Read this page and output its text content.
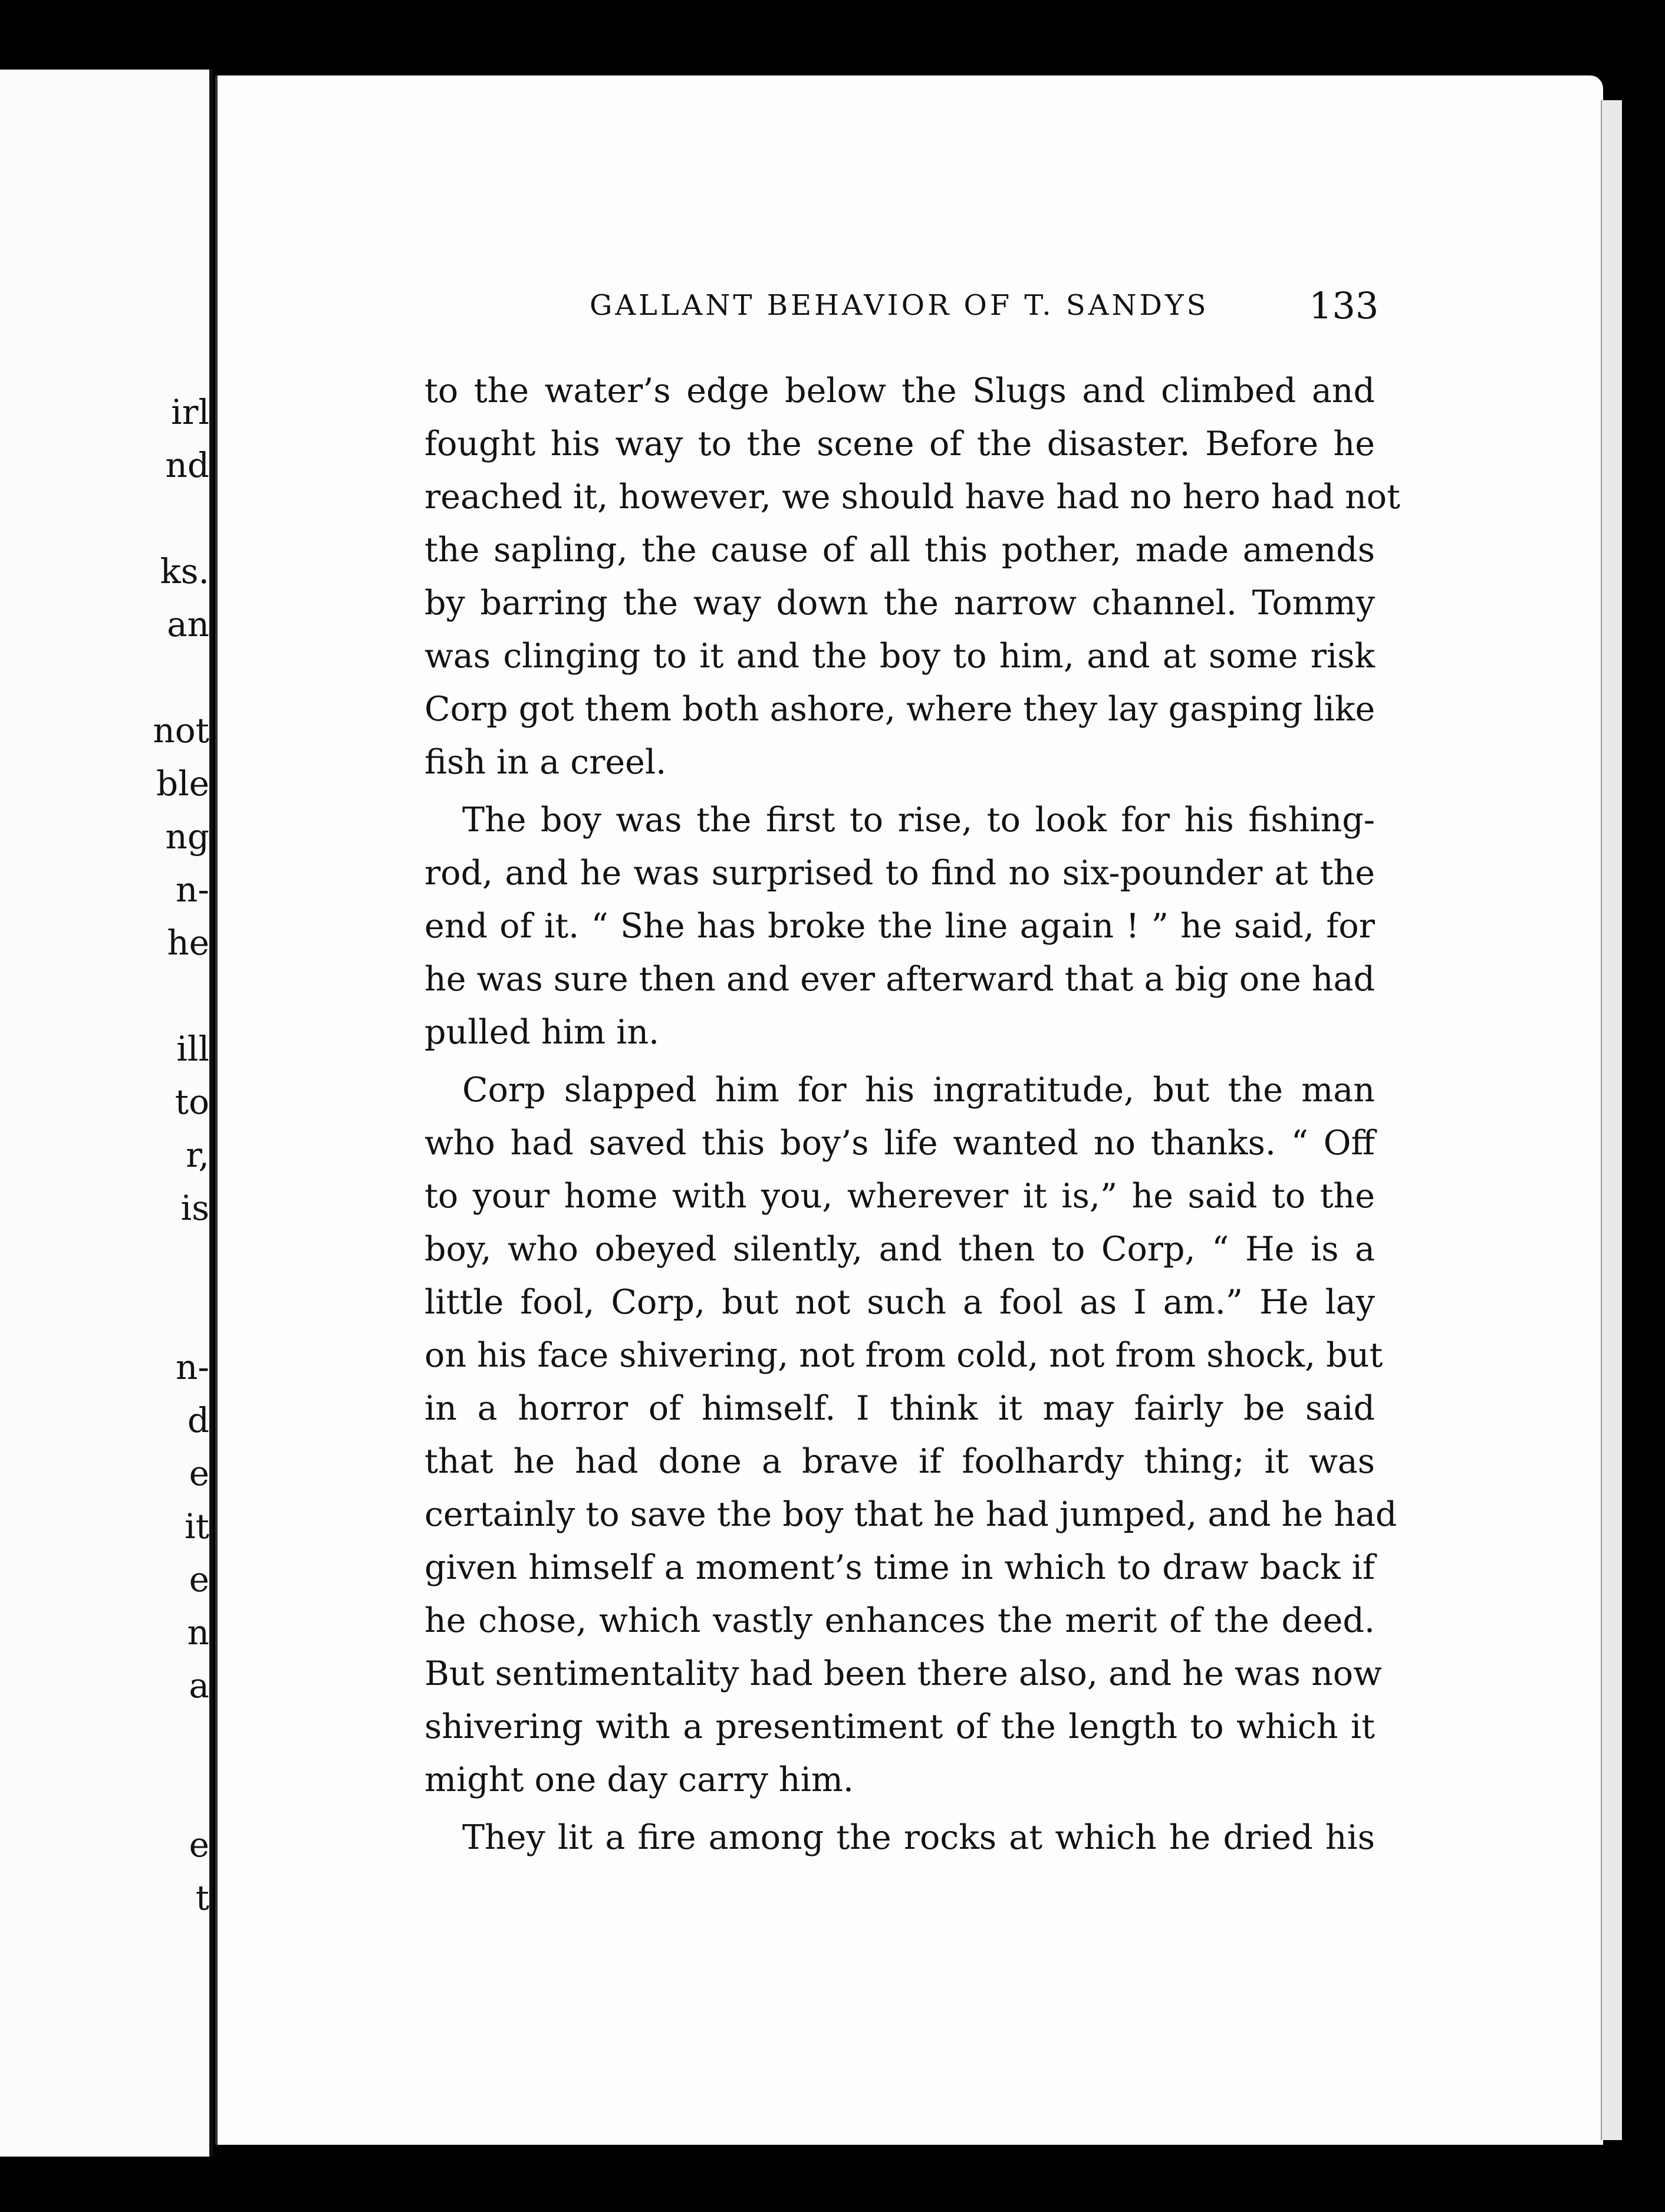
irl
nd
ks.
an
not
ble
ng
n-
he
ill
to
r,
is
n-
d
e
it
e
n
a
e
t
GALLANT BEHAVIOR OF T. SANDYS	133
to the water’s edge below the Slugs and climbed and
fought his way to the scene of the disaster. Before he
reached it, however, we should have had no hero had not
the sapling, the cause of all this pother, made amends
by barring the way down the narrow channel. Tommy
was clinging to it and the boy to him, and at some risk
Corp got them both ashore, where they lay gasping like
fish in a creel.
The boy was the first to rise, to look for his fishing-
rod, and he was surprised to find no six-pounder at the
end of it. “ She has broke the line again ! ” he said, for
he was sure then and ever afterward that a big one had
pulled him in.
Corp slapped him for his ingratitude, but the man
who had saved this boy’s life wanted no thanks. “ Off
to your home with you, wherever it is,” he said to the
boy, who obeyed silently, and then to Corp, “ He is a
little fool, Corp, but not such a fool as I am.” He lay
on his face shivering, not from cold, not from shock, but
in a horror of himself. I think it may fairly be said
that he had done a brave if foolhardy thing; it was
certainly to save the boy that he had jumped, and he had
given himself a moment’s time in which to draw back if
he chose, which vastly enhances the merit of the deed.
But sentimentality had been there also, and he was now
shivering with a presentiment of the length to which it
might one day carry him.
They lit a fire among the rocks at which he dried his
